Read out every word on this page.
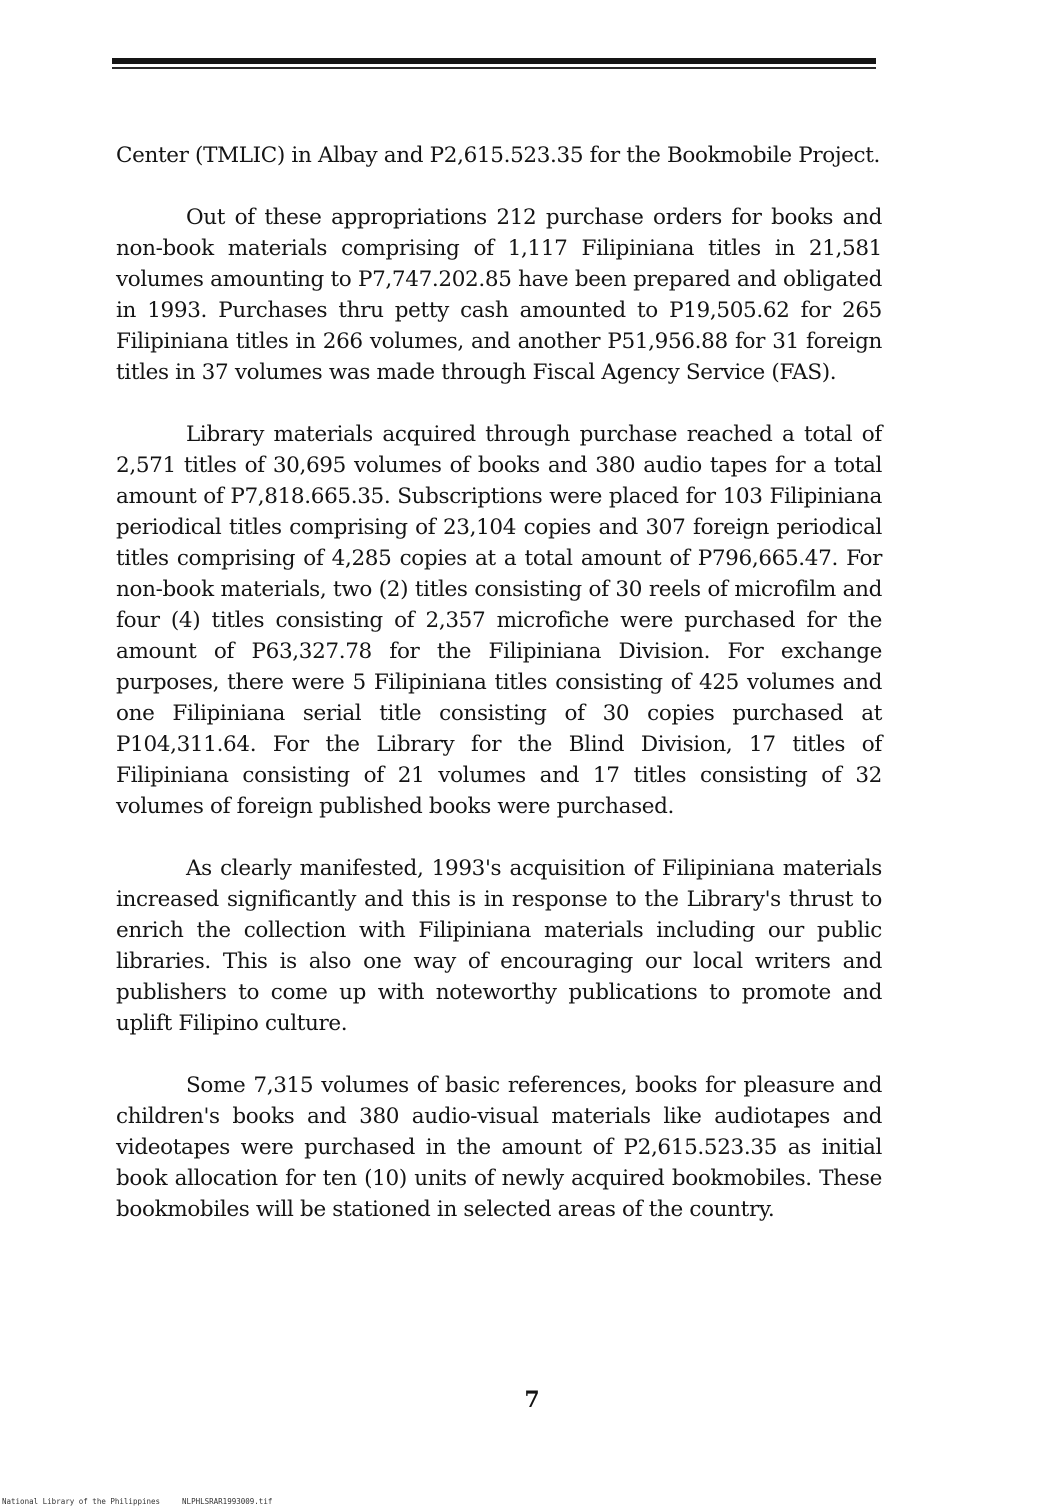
Center (TMLIC) in Albay and P2,615.523.35 for the Bookmobile Project.

Out of these appropriations 212 purchase orders for books and non-book materials comprising of 1,117 Filipiniana titles in 21,581 volumes amounting to P7,747.202.85 have been prepared and obligated in 1993. Purchases thru petty cash amounted to P19,505.62 for 265 Filipiniana titles in 266 volumes, and another P51,956.88 for 31 foreign titles in 37 volumes was made through Fiscal Agency Service (FAS).

Library materials acquired through purchase reached a total of 2,571 titles of 30,695 volumes of books and 380 audio tapes for a total amount of P7,818.665.35. Subscriptions were placed for 103 Filipiniana periodical titles comprising of 23,104 copies and 307 foreign periodical titles comprising of 4,285 copies at a total amount of P796,665.47. For non-book materials, two (2) titles consisting of 30 reels of microfilm and four (4) titles consisting of 2,357 microfiche were purchased for the amount of P63,327.78 for the Filipiniana Division. For exchange purposes, there were 5 Filipiniana titles consisting of 425 volumes and one Filipiniana serial title consisting of 30 copies purchased at P104,311.64. For the Library for the Blind Division, 17 titles of Filipiniana consisting of 21 volumes and 17 titles consisting of 32 volumes of foreign published books were purchased.

As clearly manifested, 1993's acquisition of Filipiniana materials increased significantly and this is in response to the Library's thrust to enrich the collection with Filipiniana materials including our public libraries. This is also one way of encouraging our local writers and publishers to come up with noteworthy publications to promote and uplift Filipino culture.

Some 7,315 volumes of basic references, books for pleasure and children's books and 380 audio-visual materials like audiotapes and videotapes were purchased in the amount of P2,615.523.35 as initial book allocation for ten (10) units of newly acquired bookmobiles. These bookmobiles will be stationed in selected areas of the country.

7
National Library of the Philippines	NLPHLSRAR1993009.tif
